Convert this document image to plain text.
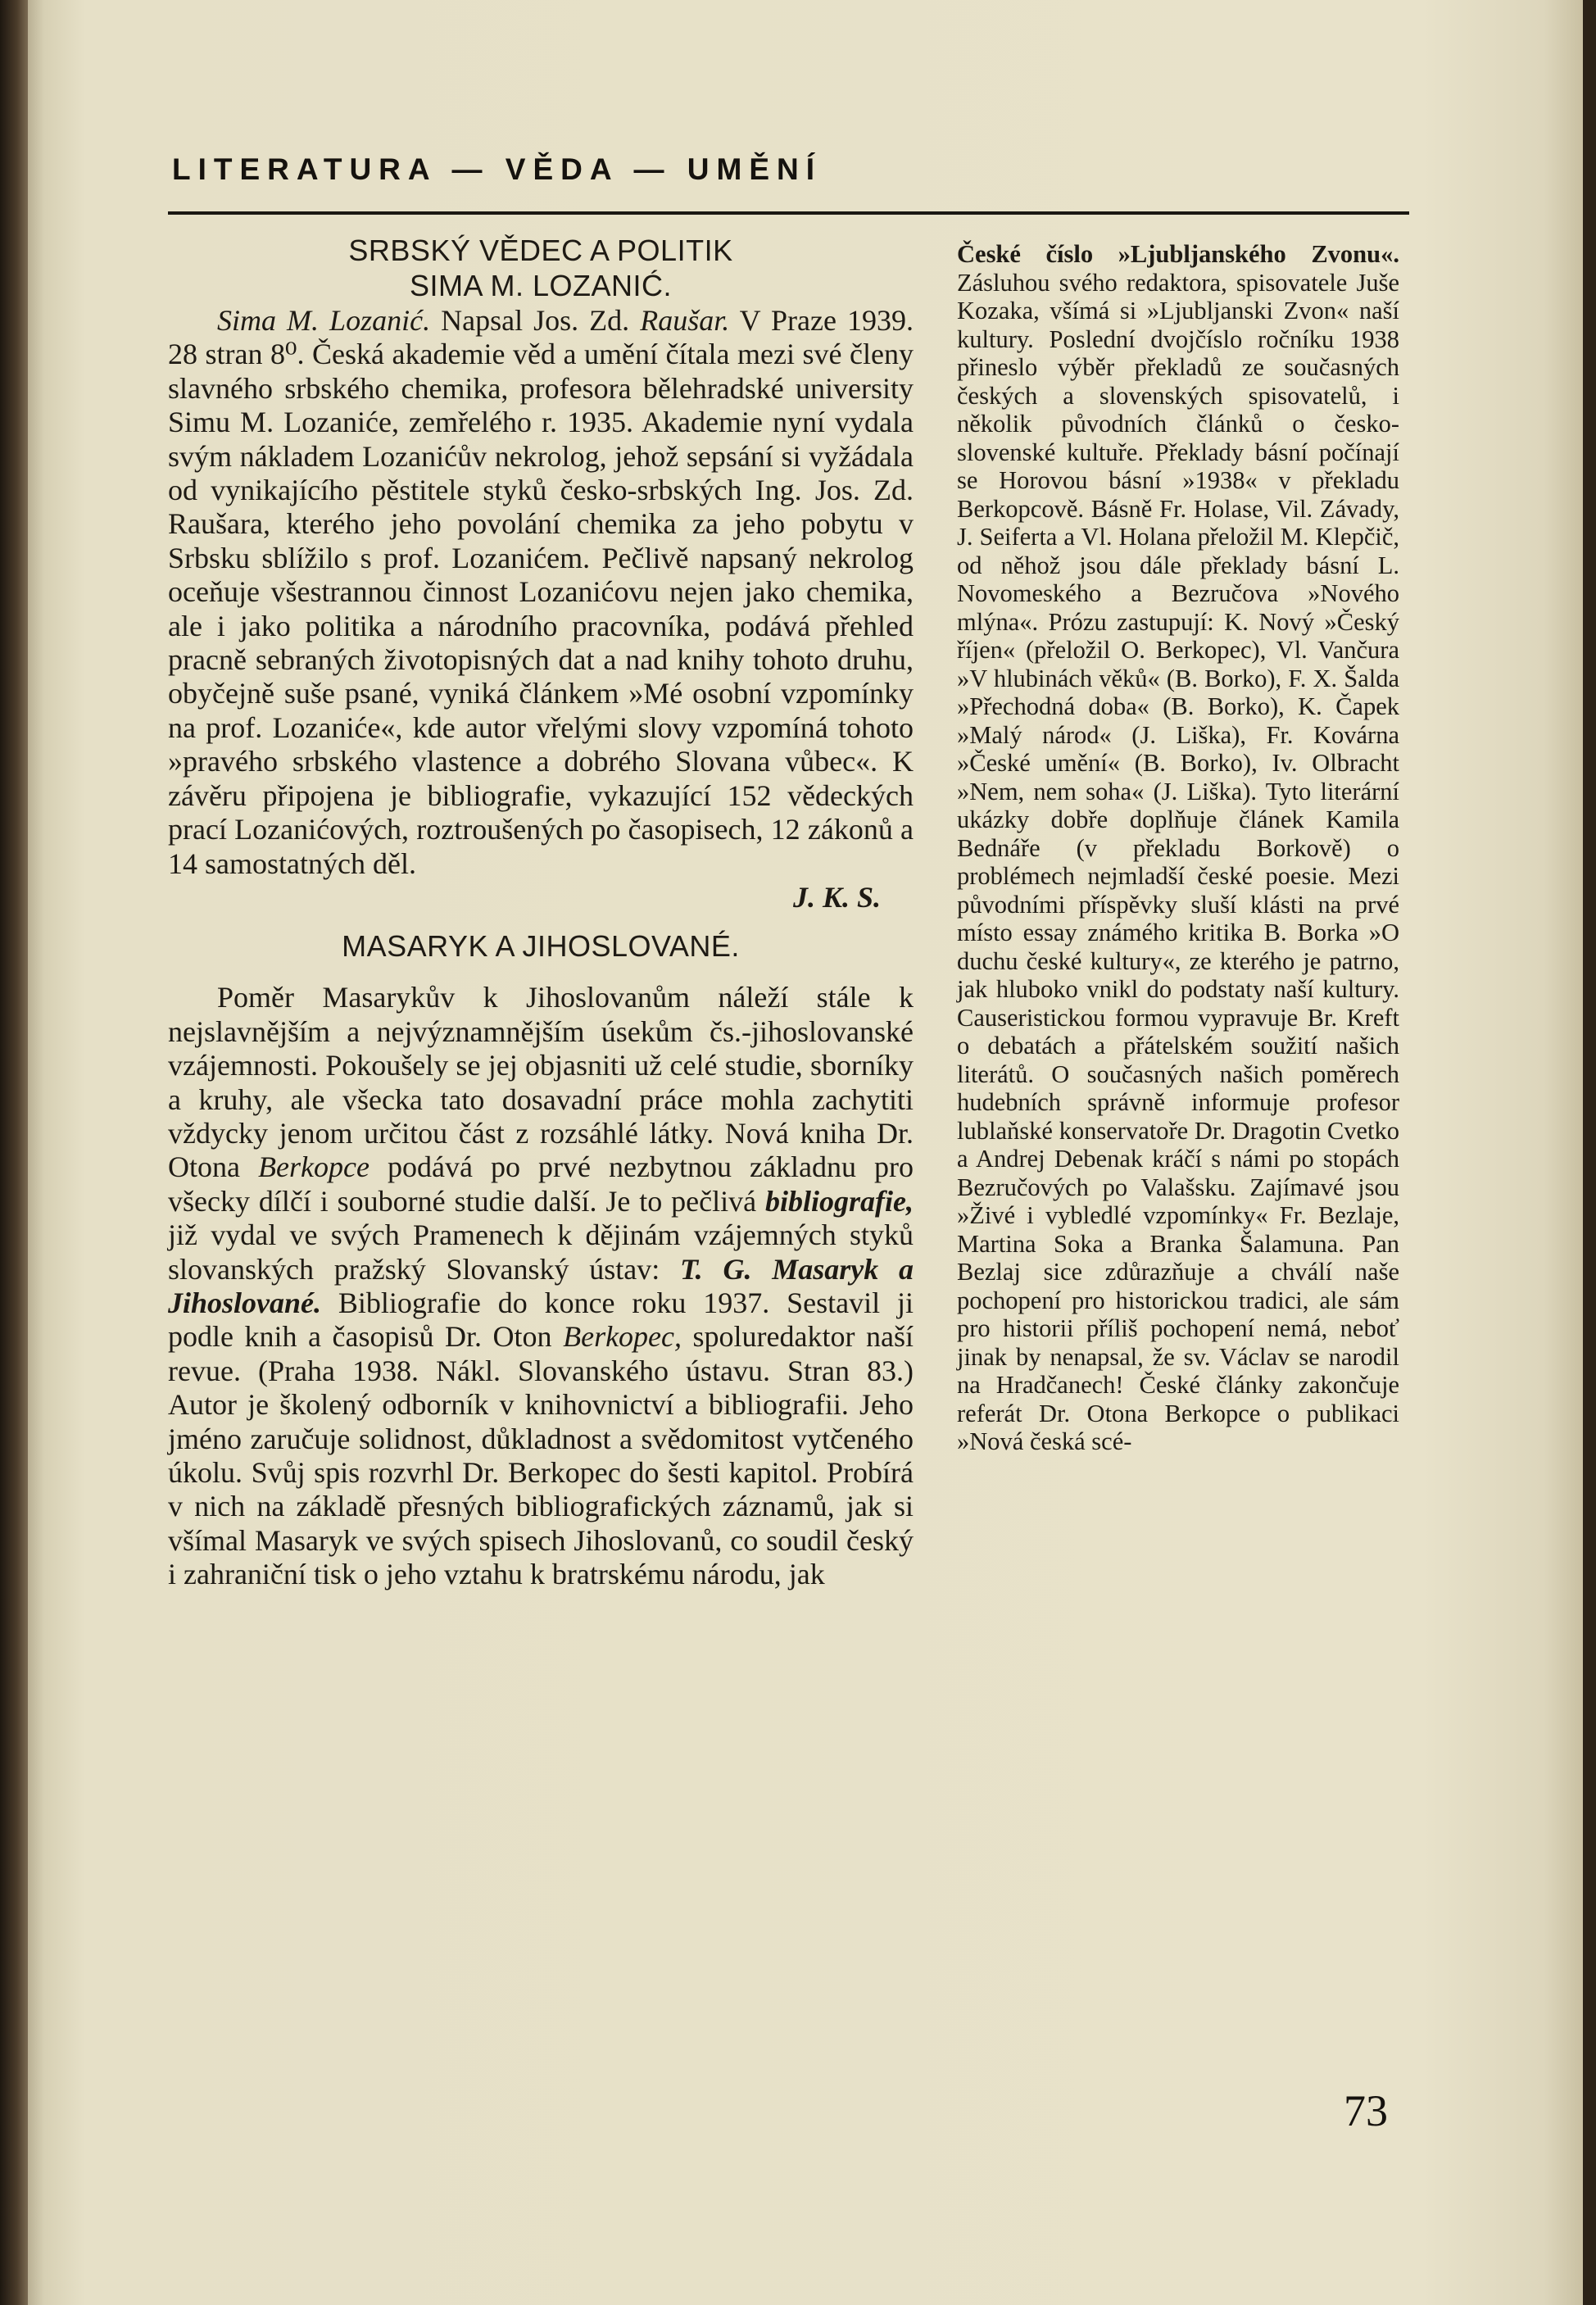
LITERATURA — VĚDA — UMĚNÍ
SRBSKÝ VĚDEC A POLITIK
SIMA M. LOZANIĆ.

Sima M. Lozanić. Napsal Jos. Zd. Raušar. V Praze 1939. 28 stran 8⁰. Česká akademie věd a umění čítala mezi své členy slavného srbského chemika, profesora bělehradské university Simu M. Lozaniće, zemřelého r. 1935. Akademie nyní vydala svým nákladem Lozanićův nekrolog, jehož sepsání si vyžádala od vynikajícího pěstitele styků česko-srbských Ing. Jos. Zd. Raušara, kterého jeho povolání chemika za jeho pobytu v Srbsku sblížilo s prof. Lozanićem. Pečlivě napsaný nekrolog oceňuje všestrannou činnost Lozanićovu nejen jako chemika, ale i jako politika a národního pracovníka, podává přehled pracně sebraných životopisných dat a nad knihy tohoto druhu, obyčejně suše psané, vyniká článkem »Mé osobní vzpomínky na prof. Lozaniće«, kde autor vřelými slovy vzpomíná tohoto »pravého srbského vlastence a dobrého Slovana vůbec«. K závěru připojena je bibliografie, vykazující 152 vědeckých prací Lozanićových, roztroušených po časopisech, 12 zákonů a 14 samostatných děl.

J. K. S.
MASARYK A JIHOSLOVANÉ.

Poměr Masarykův k Jihoslovanům náleží stále k nejslavnějším a nejvýznamnějším úsekům čs.-jihoslovanské vzájemnosti. Pokoušely se jej objasniti už celé studie, sborníky a kruhy, ale všecka tato dosavadní práce mohla zachytiti vždycky jenom určitou část z rozsáhlé látky. Nová kniha Dr. Otona Berkopce podává po prvé nezbytnou základnu pro všecky dílčí i souborné studie další. Je to pečlivá bibliografie, již vydal ve svých Pramenech k dějinám vzájemných styků slovanských pražský Slovanský ústav: T. G. Masaryk a Jihoslované. Bibliografie do konce roku 1937. Sestavil ji podle knih a časopisů Dr. Oton Berkopec, spoluredaktor naší revue. (Praha 1938. Nákl. Slovanského ústavu. Stran 83.) Autor je školený odborník v knihovnictví a bibliografii. Jeho jméno zaručuje solidnost, důkladnost a svědomitost vytčeného úkolu. Svůj spis rozvrhl Dr. Berkopec do šesti kapitol. Probírá v nich na základě přesných bibliografických záznamů, jak si všímal Masaryk ve svých spisech Jihoslovanů, co soudil český i zahraniční tisk o jeho vztahu k bratrskému národu, jak

České číslo »Ljubljanského Zvonu«. Zásluhou svého redaktora, spisovatele Juše Kozaka, všímá si »Ljubljanski Zvon« naší kultury. Poslední dvojčíslo ročníku 1938 přineslo výběr překladů ze současných českých a slovenských spisovatelů, i několik původních článků o česko-slovenské kultuře. Překlady básní počínají se Horovou básní »1938« v překladu Berkopcově. Básně Fr. Holase, Vil. Závady, J. Seiferta a Vl. Holana přeložil M. Klepčič, od něhož jsou dále překlady básní L. Novomeského a Bezručova »Nového mlýna«. Prózu zastupují: K. Nový »Český říjen« (přeložil O. Berkopec), Vl. Vančura »V hlubinách věků« (B. Borko), F. X. Šalda »Přechodná doba« (B. Borko), K. Čapek »Malý národ« (J. Liška), Fr. Kovárna »České umění« (B. Borko), Iv. Olbracht »Nem, nem soha« (J. Liška). Tyto literární ukázky dobře doplňuje článek Kamila Bednáře (v překladu Borkově) o problémech nejmladší české poesie. Mezi původními příspěvky sluší klásti na prvé místo essay známého kritika B. Borka »O duchu české kultury«, ze kterého je patrno, jak hluboko vnikl do podstaty naší kultury. Causeristickou formou vypravuje Br. Kreft o debatách a přátelském soužití našich literátů. O současných našich poměrech hudebních správně informuje profesor lublaňské konservatoře Dr. Dragotin Cvetko a Andrej Debenak kráčí s námi po stopách Bezručových po Valašsku. Zajímavé jsou »Živé i vybledlé vzpomínky« Fr. Bezlaje, Martina Soka a Branka Šalamuna. Pan Bezlaj sice zdůrazňuje a chválí naše pochopení pro historickou tradici, ale sám pro historii příliš pochopení nemá, neboť jinak by nenapsal, že sv. Václav se narodil na Hradčanech! České články zakončuje referát Dr. Otona Berkopce o publikaci »Nová česká scé-

73
